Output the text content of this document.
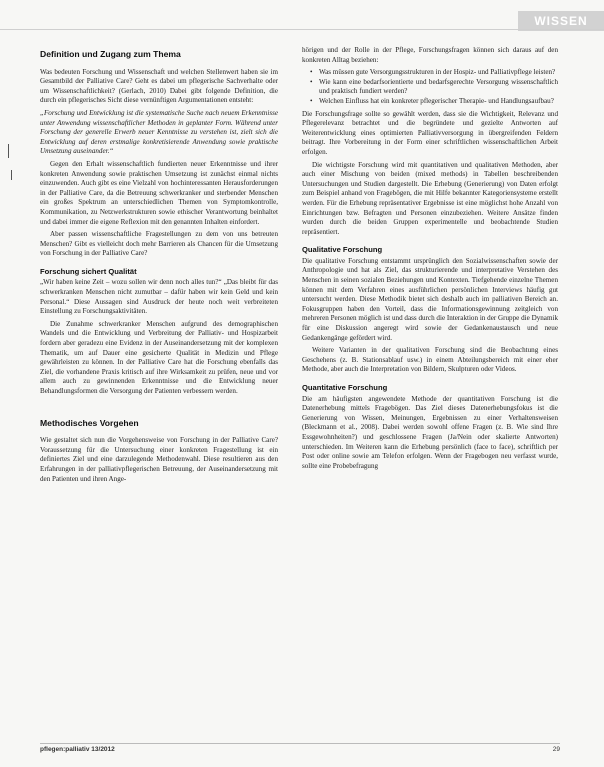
WISSEN
Definition und Zugang zum Thema

Was bedeuten Forschung und Wissenschaft und welchen Stellenwert haben sie im Gesamtbild der Palliative Care? Geht es dabei um pflegerische Sachverhalte oder um Wissenschaftlichkeit? (Gerlach, 2010) Dabei gibt folgende Definition, die durch ein pflegerisches Sicht diese vernünftigen Argumentationen entsteht:

„Forschung und Entwicklung ist die systematische Suche nach neuem Erkenntnisse unter Anwendung wissenschaftlicher Methoden in geplanter Form. Während unter Forschung der generelle Erwerb neuer Kenntnisse zu verstehen ist, zielt sich die Entwicklung auf deren erstmalige konkretisierende Anwendung sowie praktische Umsetzung auseinander.“

Gegen den Erhalt wissenschaftlich fundierten neuer Erkenntnisse und ihrer konkreten Anwendung sowie praktischen Umsetzung ist zunächst einmal nichts einzuwenden. Auch gibt es eine Vielzahl von hochinteressanten Herausforderungen in der Palliative Care, da die Betreuung schwerkranker und sterbender Menschen ein großes Spektrum an unterschiedlichen Themen von Symptomkontrolle, Kommunikation, zu Netzwerkstrukturen sowie ethischer Verantwortung beinhaltet und dabei immer die eigene Reflexion mit den genannten Inhalten einfordert.

Aber passen wissenschaftliche Fragestellungen zu dem von uns betreuten Menschen? Gibt es vielleicht doch mehr Barrieren als Chancen für die Umsetzung von Forschung in der Palliative Care?

Forschung sichert Qualität

„Wir haben keine Zeit – wozu sollen wir denn noch alles tun?“ „Das bleibt für das schwerkranken Menschen nicht zumutbar – dafür haben wir kein Geld und kein Personal.“ Diese Aussagen sind Ausdruck der heute noch weit verbreiteten Einstellung zu Forschungsaktivitäten.

Die Zunahme schwerkranker Menschen aufgrund des demographischen Wandels und die Entwicklung und Verbreitung der Palliativ- und Hospizarbeit fordern aber geradezu eine Evidenz in der Auseinandersetzung mit der komplexen Thematik, um auf Dauer eine gesicherte Qualität in Medizin und Pflege gewährleisten zu können. In der Palliative Care hat die Forschung ebenfalls das Ziel, die vorhandene Praxis kritisch auf ihre Wirksamkeit zu prüfen, neue und vor allem auch zu gewinnenden Erkenntnisse und die Entwicklung neuer Behandlungsformen die Versorgung der Patienten verbessern werden.

Methodisches Vorgehen

Wie gestaltet sich nun die Vorgehensweise von Forschung in der Palliative Care? Voraussetzung für die Untersuchung einer konkreten Fragestellung ist ein definiertes Ziel und eine darzulegende Methodenwahl. Diese resultieren aus den Erfahrungen in der palliativpflegerischen Betreuung, der Auseinandersetzung mit den Patienten und ihren Ange-

hörigen und der Rolle in der Pflege, Forschungsfragen können sich daraus auf den konkreten Alltag beziehen:

• Was müssen gute Versorgungsstrukturen in der Hospiz- und Palliativpflege leisten?
• Wie kann eine bedarfsorientierte und bedarfsgerechte Versorgung wissenschaftlich und praktisch fundiert werden?
• Welchen Einfluss hat ein konkreter pflegerischer Therapie- und Handlungsaufbau?

Die Forschungsfrage sollte so gewählt werden, dass sie die Wichtigkeit, Relevanz und Pflegerelevanz betrachtet und die begründete und gezielte Antworten auf Weiterentwicklung eines optimierten Palliativversorgung in übergreifenden Feldern beitragt. Ihre Vorbereitung in der Form einer schriftlichen wissenschaftlichen Arbeit erfolgen.

Die wichtigste Forschung wird mit quantitativen und qualitativen Methoden, aber auch einer Mischung von beiden (mixed methods) in Tabellen beschreibenden Untersuchungen und Studien dargestellt. Die Erhebung (Generierung) von Daten erfolgt zum Beispiel anhand von Fragebögen, die mit Hilfe bekannter Kategoriensysteme erstellt werden. Für die Erhebung repräsentativer Ergebnisse ist eine möglichst hohe Anzahl von Einrichtungen bzw. Befragten und Personen einzubeziehen. Weitere Ansätze finden wurden durch die beiden Gruppen experimentelle und beobachtende Studien repräsentiert.

Qualitative Forschung

Die qualitative Forschung entstammt ursprünglich den Sozialwissenschaften sowie der Anthropologie und hat als Ziel, das strukturierende und interpretative Verstehen des Menschen in seinen sozialen Beziehungen und Kontexten. Tiefgehende einzelne Themen können mit dem Verfahren eines ausführlichen persönlichen Interviews häufig gut untersucht werden. Diese Methodik bietet sich deshalb auch im palliativen Bereich an. Fokusgruppen haben den Vorteil, dass die Informationsgewinnung zeitgleich von mehreren Personen möglich ist und dass durch die Interaktion in der Gruppe die Dynamik für eine Diskussion angeregt wird sowie der Gedankenaustausch und neue Gedankengänge gefördert wird.

Weitere Varianten in der qualitativen Forschung sind die Beobachtung eines Geschehens (z. B. Stationsablauf usw.) in einem Abteilungsbereich mit einer eher Methode, aber auch die Interpretation von Bildern, Skulpturen oder Videos.

Quantitative Forschung

Die am häufigsten angewendete Methode der quantitativen Forschung ist die Datenerhebung mittels Fragebögen. Das Ziel dieses Datenerhebungsfokus ist die Generierung von Wissen, Meinungen, Ergebnissen zu einer Verhaltensweisen (Bleckmann et al., 2008). Dabei werden sowohl offene Fragen (z. B. Wie sind Ihre Essgewohnheiten?) und geschlossene Fragen (Ja/Nein oder skalierte Antworten) unterschieden. Im Weiteren kann die Erhebung persönlich (face to face), schriftlich per Post oder online sowie am Telefon erfolgen. Wenn der Fragebogen neu verfasst wurde, sollte eine Probebefragung

pflegen:palliativ 13/2012	29
